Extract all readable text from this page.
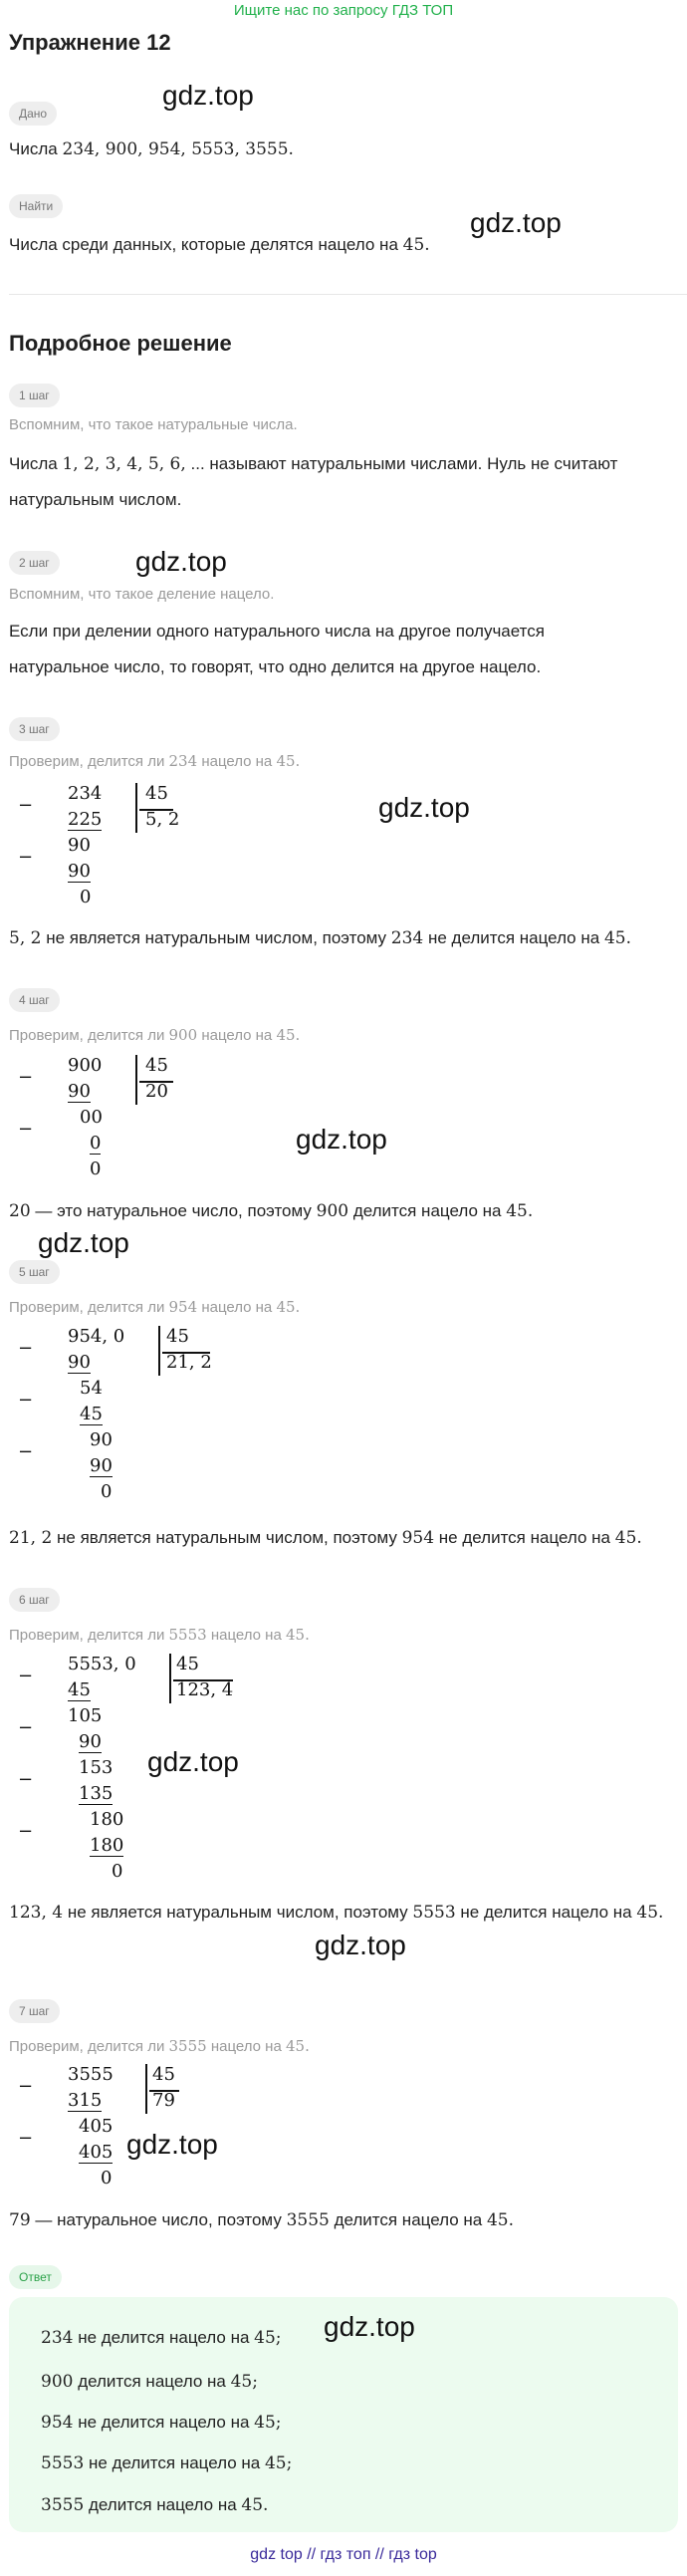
Ищите нас по запросу ГДЗ ТОП
Упражнение 12
Дано
gdz.top
Числа 234, 900, 954, 5553, 3555.
Найти
gdz.top
Числа среди данных, которые делятся нацело на 45.
Подробное решение
1 шаг
Вспомним, что такое натуральные числа.
Числа 1, 2, 3, 4, 5, 6, ... называют натуральными числами. Нуль не считают
натуральным числом.
2 шаг	gdz.top
Вспомним, что такое деление нацело.
Если при делении одного натурального числа на другое получается
натуральное число, то говорят, что одно делится на другое нацело.
3 шаг
Проверим, делится ли 234 нацело на 45.
gdz.top
−
−
234
225
90
90
0
45
5, 2
5, 2 не является натуральным числом, поэтому 234 не делится нацело на 45.
4 шаг
Проверим, делится ли 900 нацело на 45.
gdz.top
−
−
900
90
00
0
0
45
20
20 — это натуральное число, поэтому 900 делится нацело на 45.
gdz.top
5 шаг
Проверим, делится ли 954 нацело на 45.
−
−
−
954, 0
90
54
45
90
90
0
45
21, 2
21, 2 не является натуральным числом, поэтому 954 не делится нацело на 45.
6 шаг
Проверим, делится ли 5553 нацело на 45.
gdz.top
−
−
−
−
5553, 0
45
105
90
153
135
180
180
0
45
123, 4
123, 4 не является натуральным числом, поэтому 5553 не делится нацело на 45.
gdz.top
7 шаг
Проверим, делится ли 3555 нацело на 45.
gdz.top
−
−
3555
315
405
405
0
45
79
79 — натуральное число, поэтому 3555 делится нацело на 45.
Ответ
234 не делится нацело на 45;
900 делится нацело на 45;
954 не делится нацело на 45;
5553 не делится нацело на 45;
3555 делится нацело на 45.
gdz.top
gdz top // гдз топ // гдз top
